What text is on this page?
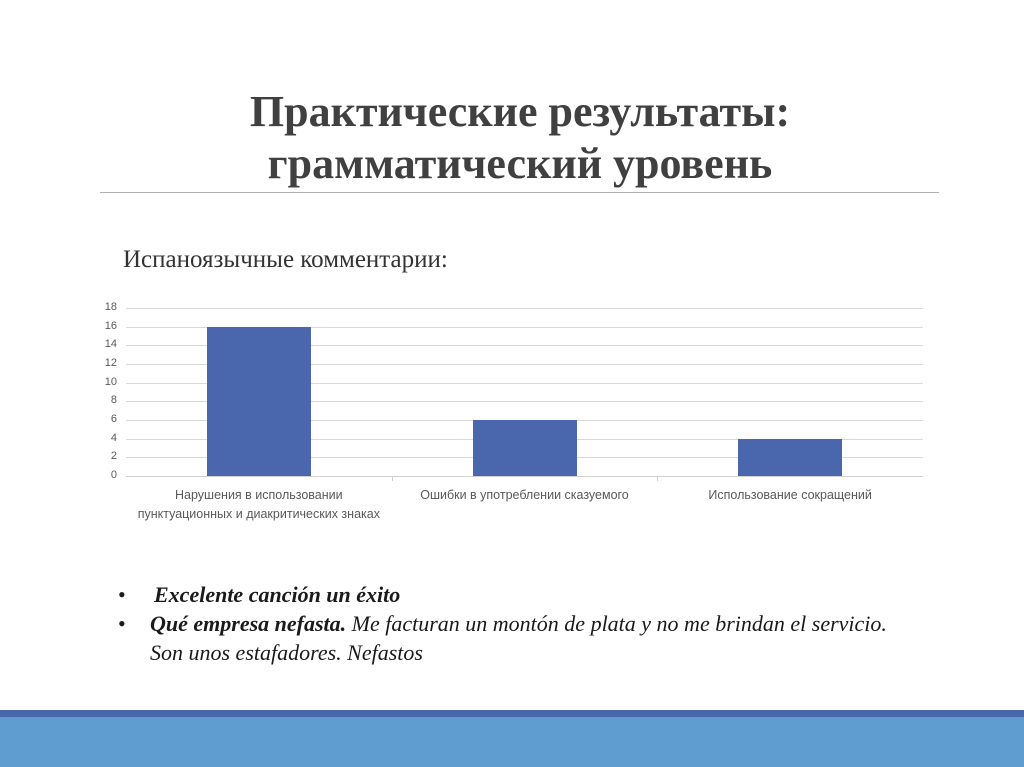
Практические результаты:
грамматический уровень
Испаноязычные комментарии:
0
2
4
6
8
10
12
14
16
18
Нарушения в использовании пунктуационных и диакритических знаках
Ошибки в употреблении сказуемого	Использование сокращений
• Excelente canción un éxito
• Qué empresa nefasta. Me facturan un montón de plata y no me brindan el servicio. Son unos estafadores. Nefastos
